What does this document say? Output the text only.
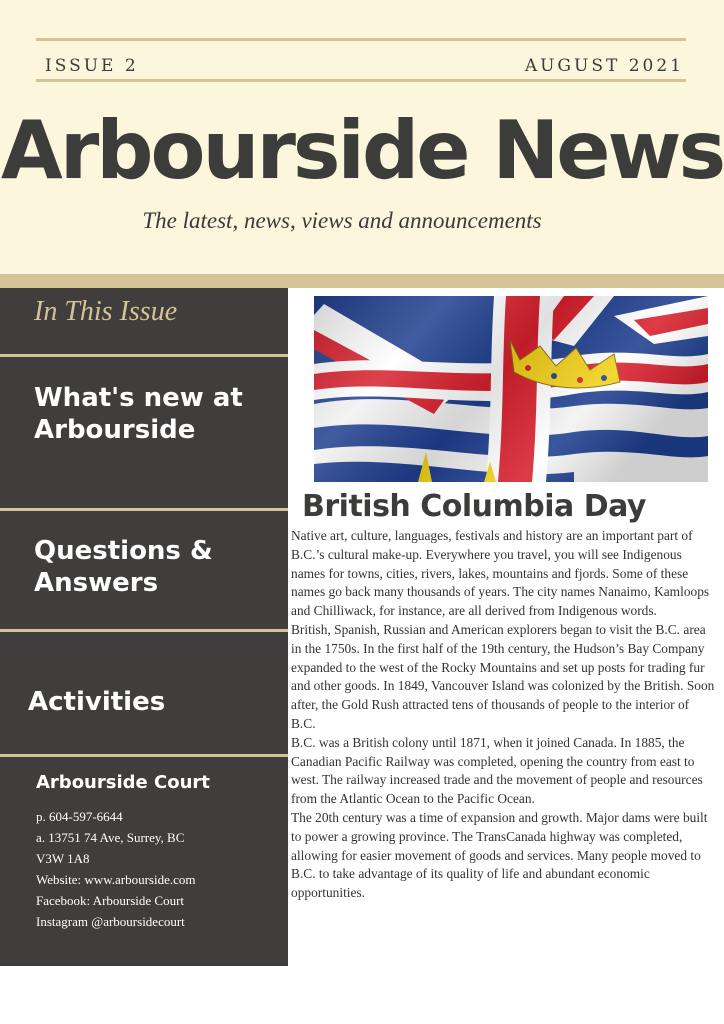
ISSUE 2	AUGUST 2021
Arbourside News
The latest, news, views and announcements
In This Issue
What's new at
Arbourside
Questions &
Answers
Activities
Arbourside Court
p. 604-597-6644
a. 13751 74 Ave, Surrey, BC
V3W 1A8
Website: www.arbourside.com
Facebook: Arbourside Court
Instagram @arboursidecourt
British Columbia Day

Native art, culture, languages, festivals and history are an important part of B.C.’s cultural make-up. Everywhere you travel, you will see Indigenous names for towns, cities, rivers, lakes, mountains and fjords. Some of these names go back many thousands of years. The city names Nanaimo, Kamloops and Chilliwack, for instance, are all derived from Indigenous words.

British, Spanish, Russian and American explorers began to visit the B.C. area in the 1750s. In the first half of the 19th century, the Hudson’s Bay Company expanded to the west of the Rocky Mountains and set up posts for trading fur and other goods. In 1849, Vancouver Island was colonized by the British. Soon after, the Gold Rush attracted tens of thousands of people to the interior of B.C.

B.C. was a British colony until 1871, when it joined Canada. In 1885, the Canadian Pacific Railway was completed, opening the country from east to west. The railway increased trade and the movement of people and resources from the Atlantic Ocean to the Pacific Ocean.

The 20th century was a time of expansion and growth. Major dams were built to power a growing province. The TransCanada highway was completed, allowing for easier movement of goods and services. Many people moved to B.C. to take advantage of its quality of life and abundant economic opportunities.
